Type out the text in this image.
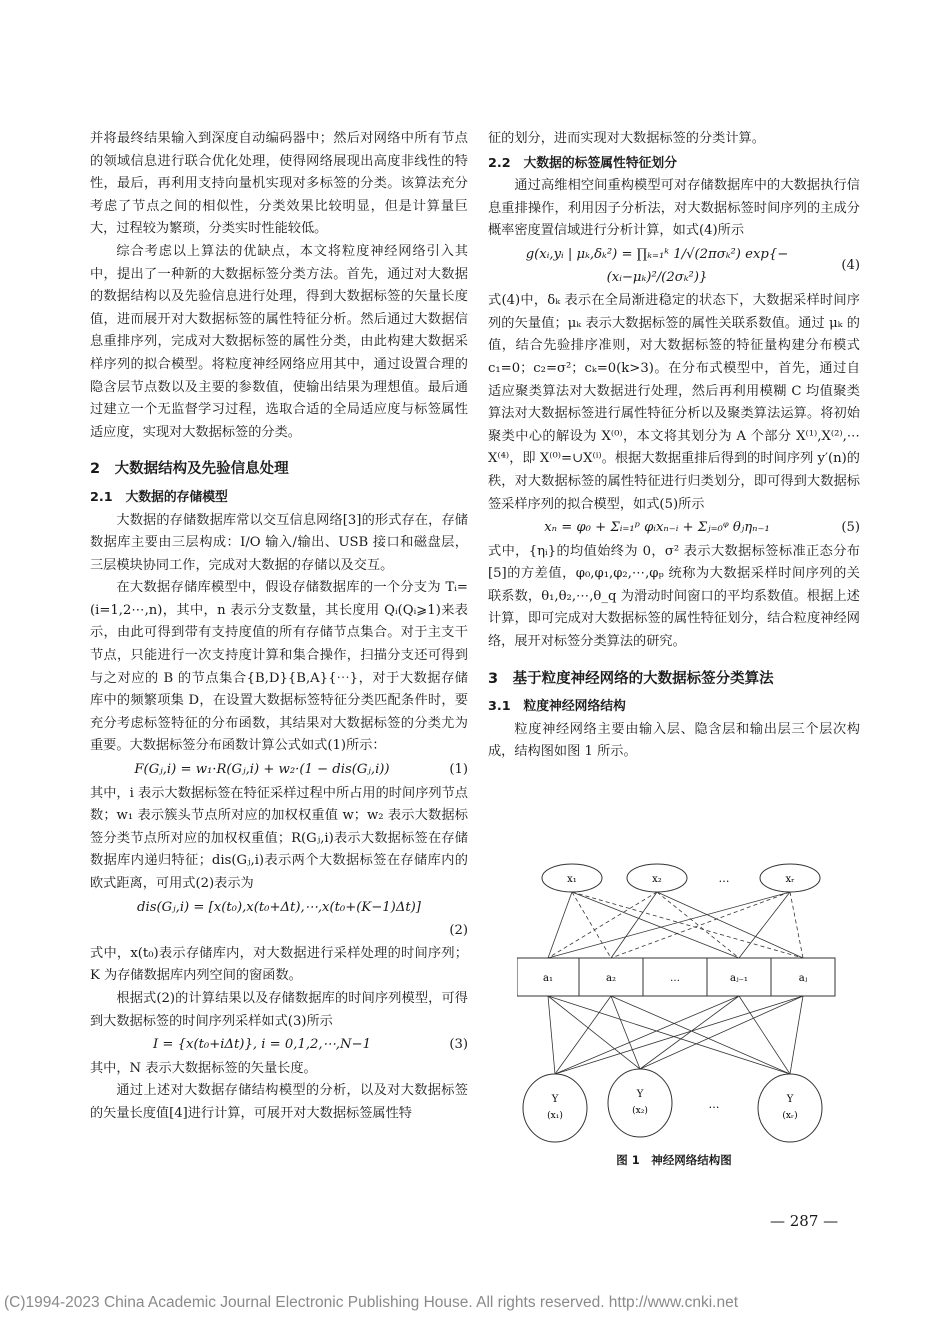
并将最终结果输入到深度自动编码器中；然后对网络中所有节点的领域信息进行联合优化处理，使得网络展现出高度非线性的特性，最后，再利用支持向量机实现对多标签的分类。该算法充分考虑了节点之间的相似性，分类效果比较明显，但是计算量巨大，过程较为繁琐，分类实时性能较低。

综合考虑以上算法的优缺点，本文将粒度神经网络引入其中，提出了一种新的大数据标签分类方法。首先，通过对大数据的数据结构以及先验信息进行处理，得到大数据标签的矢量长度值，进而展开对大数据标签的属性特征分析。然后通过大数据信息重排序列，完成对大数据标签的属性分类，由此构建大数据采样序列的拟合模型。将粒度神经网络应用其中，通过设置合理的隐含层节点数以及主要的参数值，使输出结果为理想值。最后通过建立一个无监督学习过程，选取合适的全局适应度与标签属性适应度，实现对大数据标签的分类。

2　大数据结构及先验信息处理
2.1　大数据的存储模型

大数据的存储数据库常以交互信息网络[3]的形式存在，存储数据库主要由三层构成：I/O 输入/输出、USB 接口和磁盘层，三层模块协同工作，完成对大数据的存储以及交互。

在大数据存储库模型中，假设存储数据库的一个分支为 Tᵢ=(i=1,2⋯,n)，其中，n 表示分支数量，其长度用 Qᵢ(Qᵢ⩾1)来表示，由此可得到带有支持度值的所有存储节点集合。对于主支干节点，只能进行一次支持度计算和集合操作，扫描分支还可得到与之对应的 B 的节点集合{B,D}{B,A}{⋯}，对于大数据存储库中的频繁项集 D，在设置大数据标签特征分类匹配条件时，要充分考虑标签特征的分布函数，其结果对大数据标签的分类尤为重要。大数据标签分布函数计算公式如式(1)所示：

F(Gⱼ,i) = w₁·R(Gⱼ,i) + w₂·(1 − dis(Gⱼ,i))	(1)

其中，i 表示大数据标签在特征采样过程中所占用的时间序列节点数；w₁ 表示簇头节点所对应的加权权重值 w；w₂ 表示大数据标签分类节点所对应的加权权重值；R(Gⱼ,i)表示大数据标签在存储数据库内递归特征；dis(Gⱼ,i)表示两个大数据标签在存储库内的欧式距离，可用式(2)表示为

dis(Gⱼ,i) = [x(t₀),x(t₀+Δt),⋯,x(t₀+(K−1)Δt)]

(2)

式中，x(t₀)表示存储库内，对大数据进行采样处理的时间序列；K 为存储数据库内列空间的窗函数。

根据式(2)的计算结果以及存储数据库的时间序列模型，可得到大数据标签的时间序列采样如式(3)所示

I = {x(t₀+iΔt)}, i = 0,1,2,⋯,N−1	(3)

其中，N 表示大数据标签的矢量长度。

通过上述对大数据存储结构模型的分析，以及对大数据标签的矢量长度值[4]进行计算，可展开对大数据标签属性特

征的划分，进而实现对大数据标签的分类计算。

2.2　大数据的标签属性特征划分

通过高维相空间重构模型可对存储数据库中的大数据执行信息重排操作，利用因子分析法，对大数据标签时间序列的主成分概率密度置信域进行分析计算，如式(4)所示

g(xᵢ,yᵢ | μₖ,δₖ²) = ∏ₖ₌₁ᵏ 1/√(2πσₖ²) exp{−(xᵢ−μₖ)²/(2σₖ²)}
(4)

式(4)中，δₖ 表示在全局渐进稳定的状态下，大数据采样时间序列的矢量值；μₖ 表示大数据标签的属性关联系数值。通过 μₖ 的值，结合先验排序准则，对大数据标签的特征量构建分布模式 c₁=0；c₂=σ²；cₖ=0(k>3)。在分布式模型中，首先，通过自适应聚类算法对大数据进行处理，然后再利用模糊 C 均值聚类算法对大数据标签进行属性特征分析以及聚类算法运算。将初始聚类中心的解设为 X⁽⁰⁾，本文将其划分为 A 个部分 X⁽¹⁾,X⁽²⁾,⋯X⁽⁴⁾，即 X⁽⁰⁾=∪X⁽ⁱ⁾。根据大数据重排后得到的时间序列 y′(n)的秩，对大数据标签的属性特征进行归类划分，即可得到大数据标签采样序列的拟合模型，如式(5)所示

xₙ = φ₀ + Σᵢ₌₁ᵖ φᵢxₙ₋ᵢ + Σⱼ₌₀ᵠ θⱼηₙ₋₁	(5)

式中，{ηᵢ}的均值始终为 0，σ² 表示大数据标签标准正态分布[5]的方差值，φ₀,φ₁,φ₂,⋯,φₚ 统称为大数据采样时间序列的关联系数，θ₁,θ₂,⋯,θ_q 为滑动时间窗口的平均系数值。根据上述计算，即可完成对大数据标签的属性特征划分，结合粒度神经网络，展开对标签分类算法的研究。

3　基于粒度神经网络的大数据标签分类算法
3.1　粒度神经网络结构

粒度神经网络主要由输入层、隐含层和输出层三个层次构成，结构图如图 1 所示。

x₁	x₂	…	xᵣ
a₁	a₂	…	aⱼ₋₁	aⱼ
Y
(x₁)
Y
(x₂)	…	Y
(xᵣ)
图 1　神经网络结构图
— 287 —
(C)1994-2023 China Academic Journal Electronic Publishing House. All rights reserved. http://www.cnki.net
